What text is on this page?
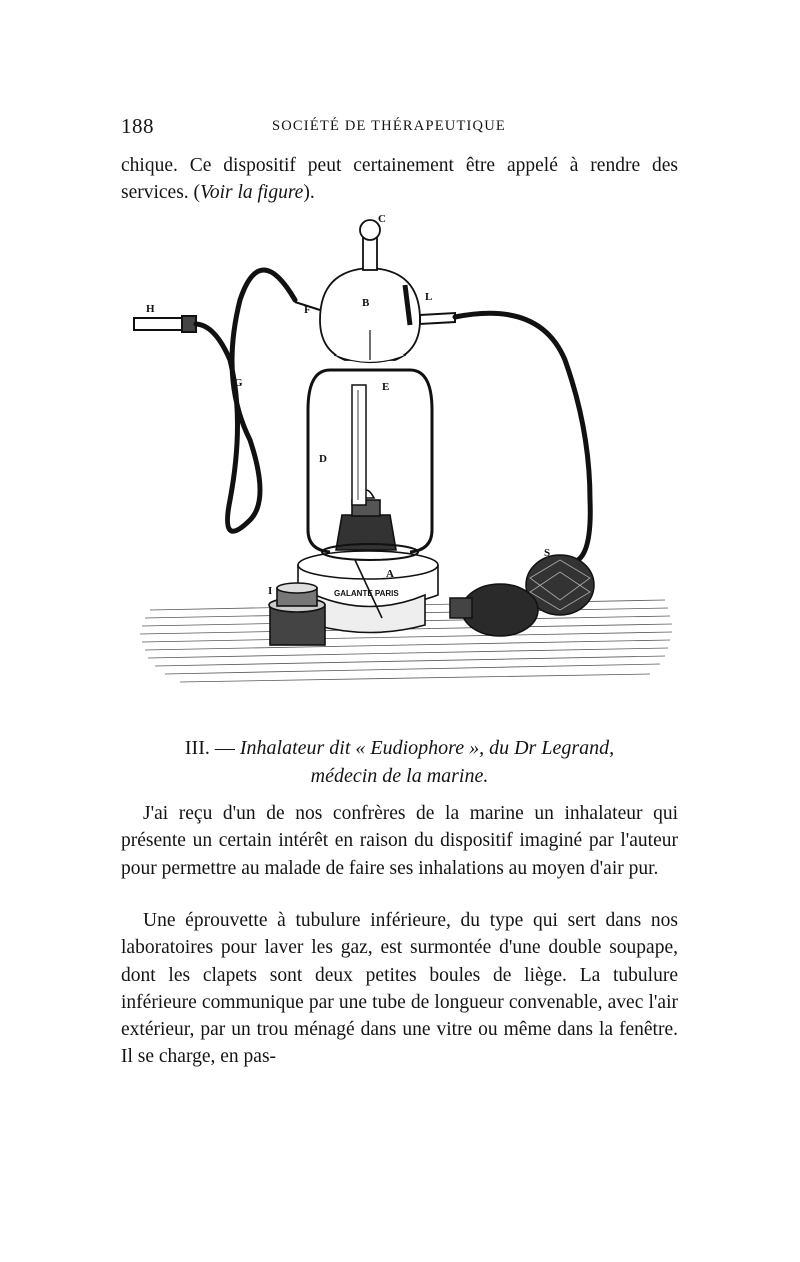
188	SOCIÉTÉ DE THÉRAPEUTIQUE

chique. Ce dispositif peut certainement être appelé à rendre des services. (Voir la figure).

C
B
F
L
H
G	E
D
S
A
I	GALANTE PARIS
III. — Inhalateur dit « Eudiophore », du Dr Legrand,
médecin de la marine.

J'ai reçu d'un de nos confrères de la marine un inhalateur qui présente un certain intérêt en raison du dispositif imaginé par l'auteur pour permettre au malade de faire ses inhalations au moyen d'air pur.

Une éprouvette à tubulure inférieure, du type qui sert dans nos laboratoires pour laver les gaz, est surmontée d'une double soupape, dont les clapets sont deux petites boules de liège. La tubulure inférieure communique par une tube de longueur convenable, avec l'air extérieur, par un trou ménagé dans une vitre ou même dans la fenêtre. Il se charge, en pas-
